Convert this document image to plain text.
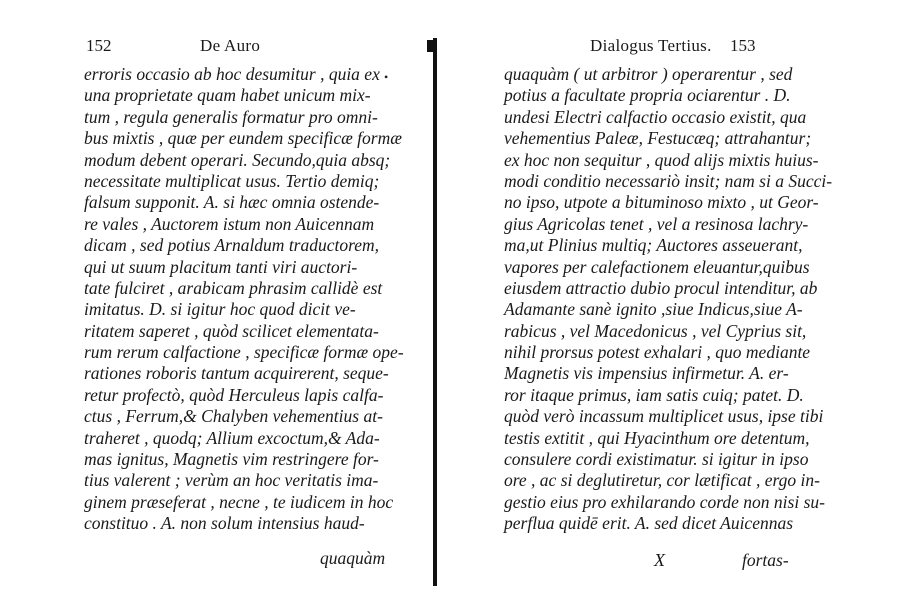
152	De Auro
erroris occasio ab hoc desumitur , quia ex
una proprietate quam habet unicum mix-
tum , regula generalis formatur pro omni-
bus mixtis , quæ per eundem specificæ formæ
modum debent operari. Secundo,quia absq;
necessitate multiplicat usus. Tertio demiq;
falsum supponit. A. si hæc omnia ostende-
re vales , Auctorem istum non Auicennam
dicam , sed potius Arnaldum traductorem,
qui ut suum placitum tanti viri auctori-
tate fulciret , arabicam phrasim callidè est
imitatus. D. si igitur hoc quod dicit ve-
ritatem saperet , quòd scilicet elementata-
rum rerum calfactione , specificæ formæ ope-
rationes roboris tantum acquirerent, seque-
retur profectò, quòd Herculeus lapis calfa-
ctus , Ferrum,& Chalyben vehementius at-
traheret , quodq; Allium excoctum,& Ada-
mas ignitus, Magnetis vim restringere for-
tius valerent ; verùm an hoc veritatis ima-
ginem præseferat , necne , te iudicem in hoc
constituo . A. non solum intensius haud-
quaquàm
•
Dialogus Tertius. 153
quaquàm ( ut arbitror ) operarentur , sed
potius a facultate propria ociarentur . D.
undesi Electri calfactio occasio existit, qua
vehementius Paleæ, Festucæq; attrahantur;
ex hoc non sequitur , quod alijs mixtis huius-
modi conditio necessariò insit; nam si a Succi-
no ipso, utpote a bituminoso mixto , ut Geor-
gius Agricolas tenet , vel a resinosa lachry-
ma,ut Plinius multiq; Auctores asseuerant,
vapores per calefactionem eleuantur,quibus
eiusdem attractio dubio procul intenditur, ab
Adamante sanè ignito ,siue Indicus,siue A-
rabicus , vel Macedonicus , vel Cyprius sit,
nihil prorsus potest exhalari , quo mediante
Magnetis vis impensius infirmetur. A. er-
ror itaque primus, iam satis cuiq; patet. D.
quòd verò incassum multiplicet usus, ipse tibi
testis extitit , qui Hyacinthum ore detentum,
consulere cordi existimatur. si igitur in ipso
ore , ac si deglutiretur, cor lætificat , ergo in-
gestio eius pro exhilarando corde non nisi su-
perflua quidē erit. A. sed dicet Auicennas
X	fortas-
